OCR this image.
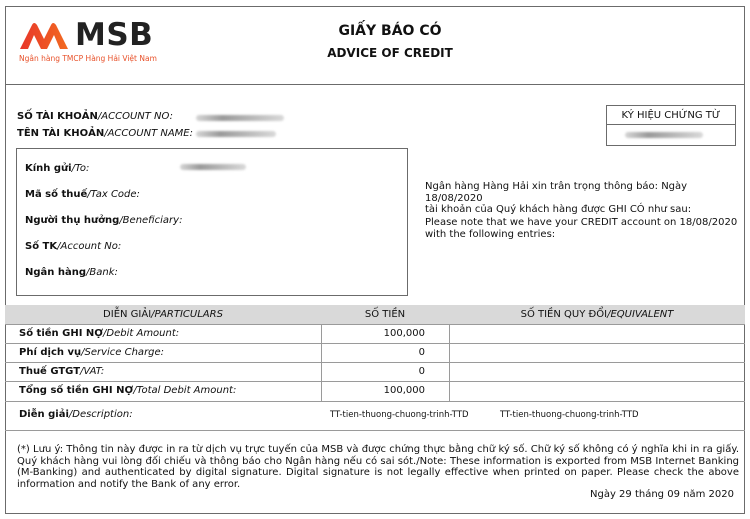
MSB
Ngân hàng TMCP Hàng Hải Việt Nam
GIẤY BÁO CÓ
ADVICE OF CREDIT
SỐ TÀI KHOẢN/ACCOUNT NO:
TÊN TÀI KHOẢN/ACCOUNT NAME:
KÝ HIỆU CHỨNG TỪ
Kính gửi/To:
Mã số thuế/Tax Code:
Người thụ hưởng/Beneficiary:
Số TK/Account No:
Ngân hàng/Bank:
Ngân hàng Hàng Hải xin trân trọng thông báo: Ngày 18/08/2020
tài khoản của Quý khách hàng được GHI CÓ như sau:
Please note that we have your CREDIT account on 18/08/2020
with the following entries:
DIỄN GIẢI/PARTICULARS	SỐ TIỀN	SỐ TIỀN QUY ĐỔI/EQUIVALENT
Số tiền GHI NỢ/Debit Amount:	100,000
Phí dịch vụ/Service Charge:	0
Thuế GTGT/VAT:	0
Tổng số tiền GHI NỢ/Total Debit Amount:	100,000
Diễn giải/Description:	TT-tien-thuong-chuong-trinh-TTD	TT-tien-thuong-chuong-trinh-TTD
(*) Lưu ý: Thông tin này được in ra từ dịch vụ trực tuyến của MSB và được chứng thực bằng chữ ký số. Chữ ký số không có ý nghĩa khi in ra giấy. Quý khách hàng vui lòng đối chiếu và thông báo cho Ngân hàng nếu có sai sót./Note: These information is exported from MSB Internet Banking (M-Banking) and authenticated by digital signature. Digital signature is not legally effective when printed on paper. Please check the above information and notify the Bank of any error.
Ngày 29 tháng 09 năm 2020
